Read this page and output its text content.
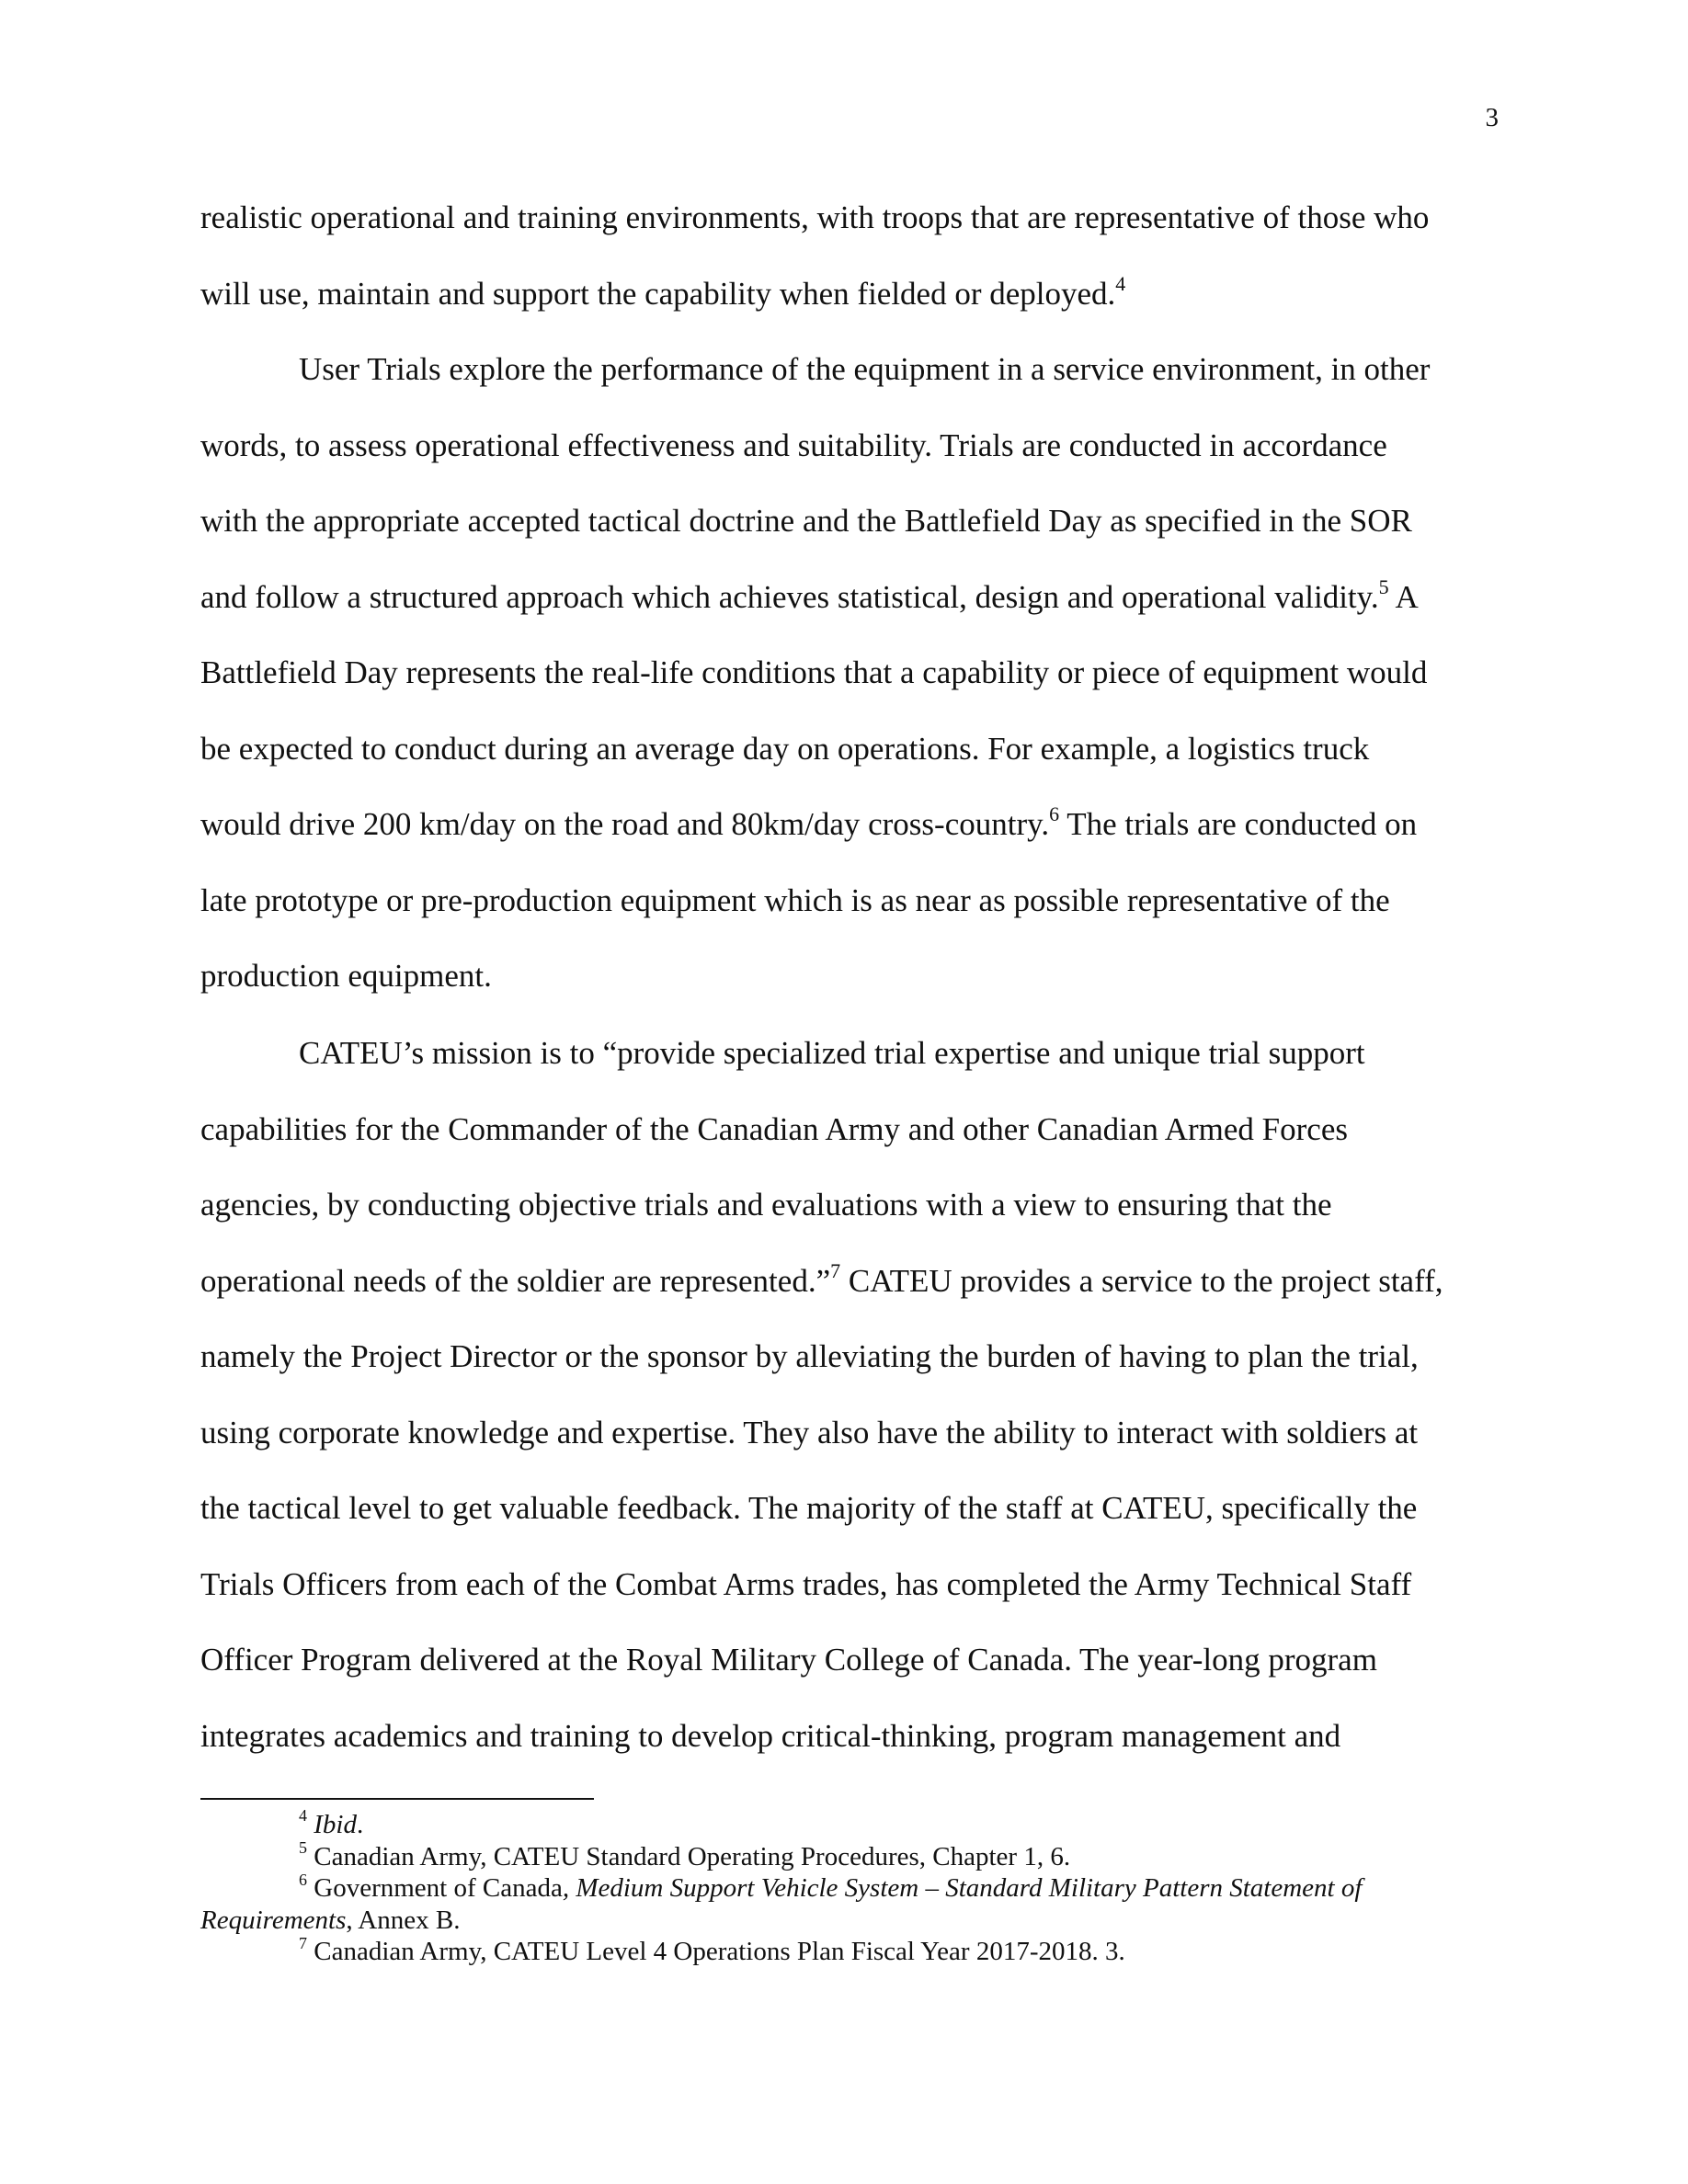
3
realistic operational and training environments, with troops that are representative of those who
will use, maintain and support the capability when fielded or deployed.$^4$
User Trials explore the performance of the equipment in a service environment, in other
words, to assess operational effectiveness and suitability. Trials are conducted in accordance
with the appropriate accepted tactical doctrine and the Battlefield Day as specified in the SOR
and follow a structured approach which achieves statistical, design and operational validity.$^5$ A
Battlefield Day represents the real-life conditions that a capability or piece of equipment would
be expected to conduct during an average day on operations. For example, a logistics truck
would drive 200 km/day on the road and 80km/day cross-country.$^6$ The trials are conducted on
late prototype or pre-production equipment which is as near as possible representative of the
production equipment.
CATEU’s mission is to “provide specialized trial expertise and unique trial support
capabilities for the Commander of the Canadian Army and other Canadian Armed Forces
agencies, by conducting objective trials and evaluations with a view to ensuring that the
operational needs of the soldier are represented.”$^7$ CATEU provides a service to the project staff,
namely the Project Director or the sponsor by alleviating the burden of having to plan the trial,
using corporate knowledge and expertise. They also have the ability to interact with soldiers at
the tactical level to get valuable feedback. The majority of the staff at CATEU, specifically the
Trials Officers from each of the Combat Arms trades, has completed the Army Technical Staff
Officer Program delivered at the Royal Military College of Canada. The year-long program
integrates academics and training to develop critical-thinking, program management and

$^4$ Ibid.

$^5$ Canadian Army, CATEU Standard Operating Procedures, Chapter 1, 6.

$^6$ Government of Canada, Medium Support Vehicle System – Standard Military Pattern Statement of

Requirements, Annex B.

$^7$ Canadian Army, CATEU Level 4 Operations Plan Fiscal Year 2017-2018. 3.
